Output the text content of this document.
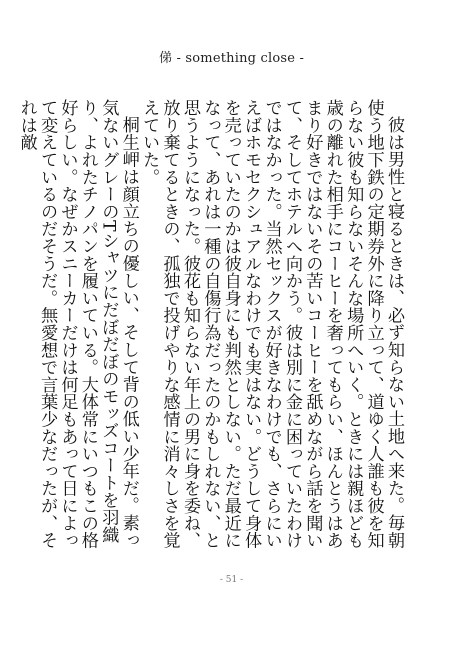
俤 - something close -

彼は男性と寝るときは、必ず知らない土地へ来た。毎朝使う地下鉄の定期券外に降り立って、道ゆく人誰も彼を知らない彼も知らないそんな場所へいく。ときには親ほども歳の離れた相手にコーヒーを奢ってもらい、ほんとうはあまり好きではないその苦いコーヒーを舐めながら話を聞いて、そしてホテルへ向かう。彼は別に金に困っていたわけではなかった。当然セックスが好きなわけでも、さらにいえばホモセクシュアルなわけでも実はない。どうして身体を売っていたのかは彼自身にも判然としない。ただ最近になって、あれは一種の自傷行為だったのかもしれない、と思うようになった。彼花も知らない年上の男に身を委ね、放り棄てるときの、孤独で投げやりな感情に消々しさを覚えていた。

桐生岬は顔立ちの優しい、そして背の低い少年だ。素っ気ないグレーのTシャツにだぼだぼのモッズコートを羽織り、よれたチノパンを履いている。大体常にいつもこの格好らしい。なぜかスニーカーだけは何足もあって日によって変えているのだそうだ。無愛想で言葉少なだったが、それは敵

- 51 -
